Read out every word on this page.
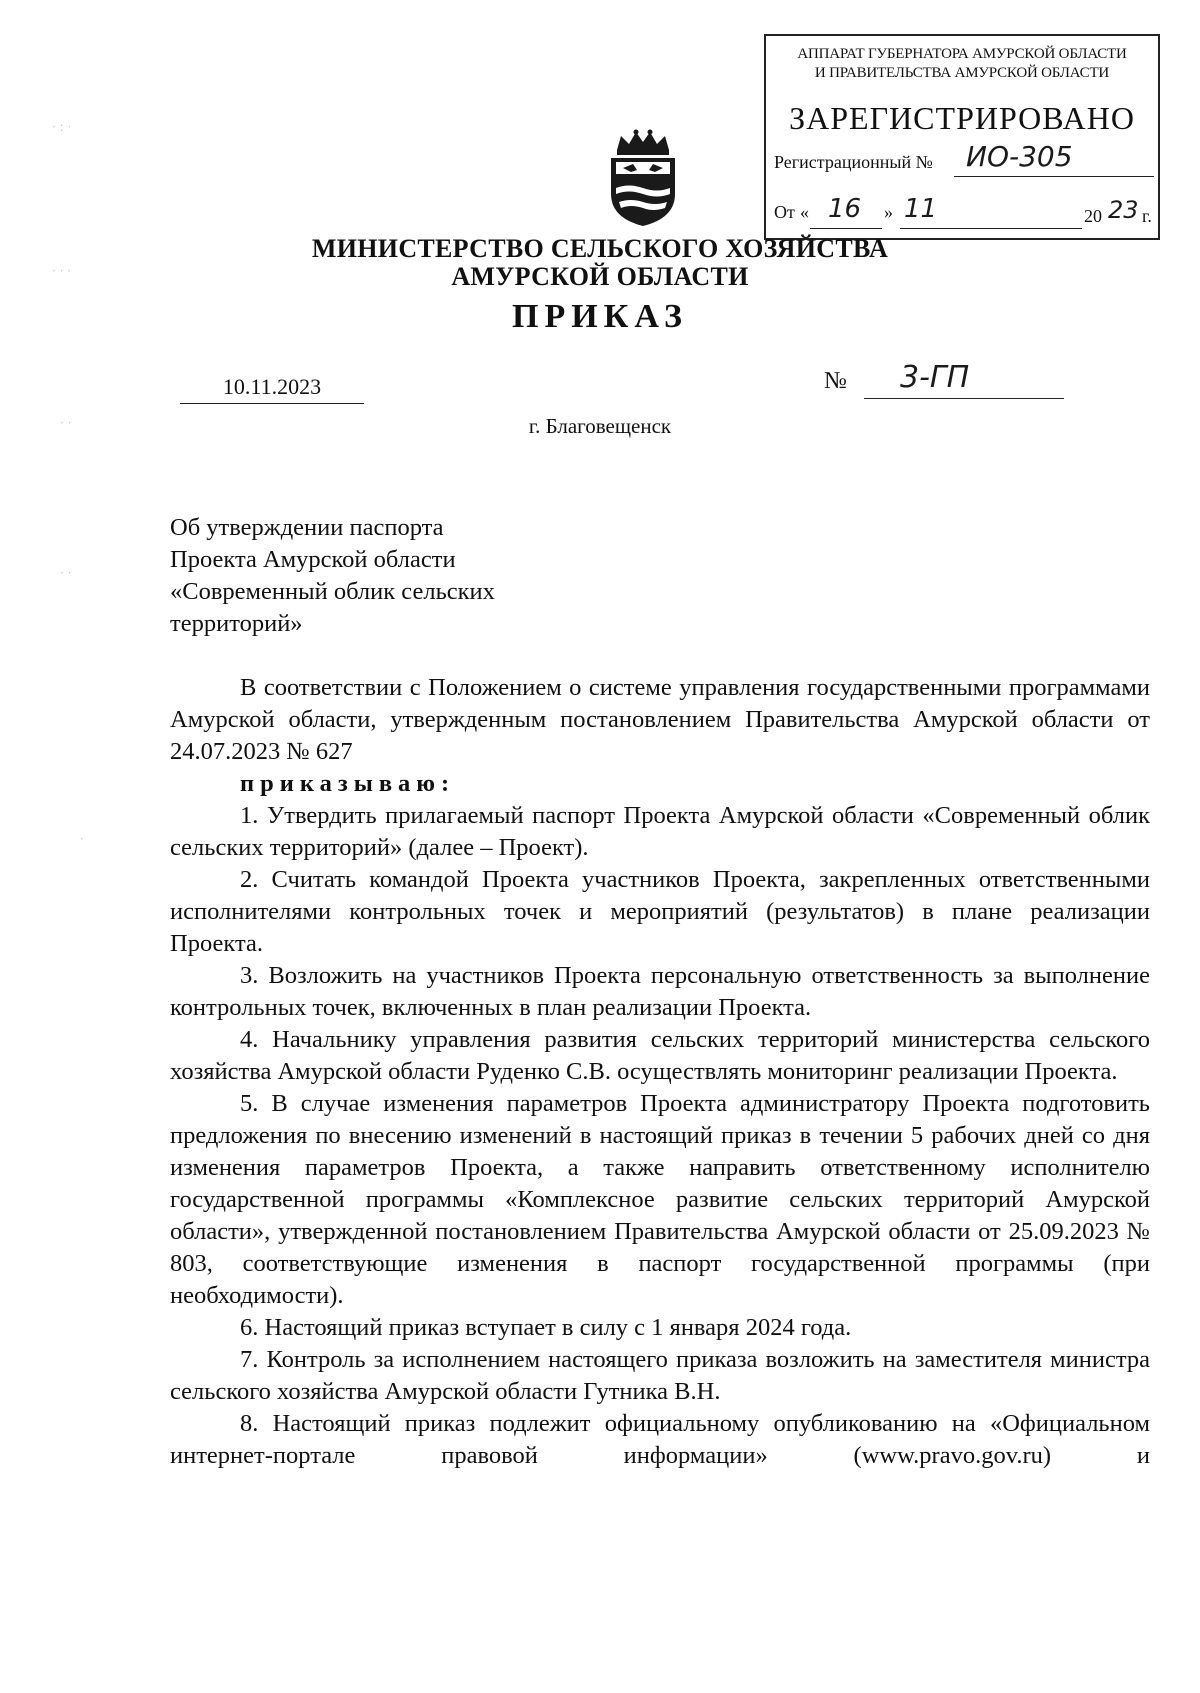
· : ·
· · ·
· ·
· ·
·
АППАРАТ ГУБЕРНАТОРА АМУРСКОЙ ОБЛАСТИ
И ПРАВИТЕЛЬСТВА АМУРСКОЙ ОБЛАСТИ
ЗАРЕГИСТРИРОВАНО
Регистрационный № ИО-305
От « 16 » 11	20 23 г.
МИНИСТЕРСТВО СЕЛЬСКОГО ХОЗЯЙСТВА
АМУРСКОЙ ОБЛАСТИ
ПРИКАЗ
10.11.2023	№ 3-ГП
г. Благовещенск
Об утверждении паспорта
Проекта Амурской области
«Современный облик сельских
территорий»

В соответствии с Положением о системе управления государственными программами Амурской области, утвержденным постановлением Правительства Амурской области от 24.07.2023 № 627

приказываю:

1. Утвердить прилагаемый паспорт Проекта Амурской области «Современный облик сельских территорий» (далее – Проект).

2. Считать командой Проекта участников Проекта, закрепленных ответственными исполнителями контрольных точек и мероприятий (результатов) в плане реализации Проекта.

3. Возложить на участников Проекта персональную ответственность за выполнение контрольных точек, включенных в план реализации Проекта.

4. Начальнику управления развития сельских территорий министерства сельского хозяйства Амурской области Руденко С.В. осуществлять мониторинг реализации Проекта.

5. В случае изменения параметров Проекта администратору Проекта подготовить предложения по внесению изменений в настоящий приказ в течении 5 рабочих дней со дня изменения параметров Проекта, а также направить ответственному исполнителю государственной программы «Комплексное развитие сельских территорий Амурской области», утвержденной постановлением Правительства Амурской области от 25.09.2023 № 803, соответствующие изменения в паспорт государственной программы (при необходимости).

6. Настоящий приказ вступает в силу с 1 января 2024 года.

7. Контроль за исполнением настоящего приказа возложить на заместителя министра сельского хозяйства Амурской области Гутника В.Н.

8. Настоящий приказ подлежит официальному опубликованию на «Официальном интернет-портале правовой информации» (www.pravo.gov.ru) и
